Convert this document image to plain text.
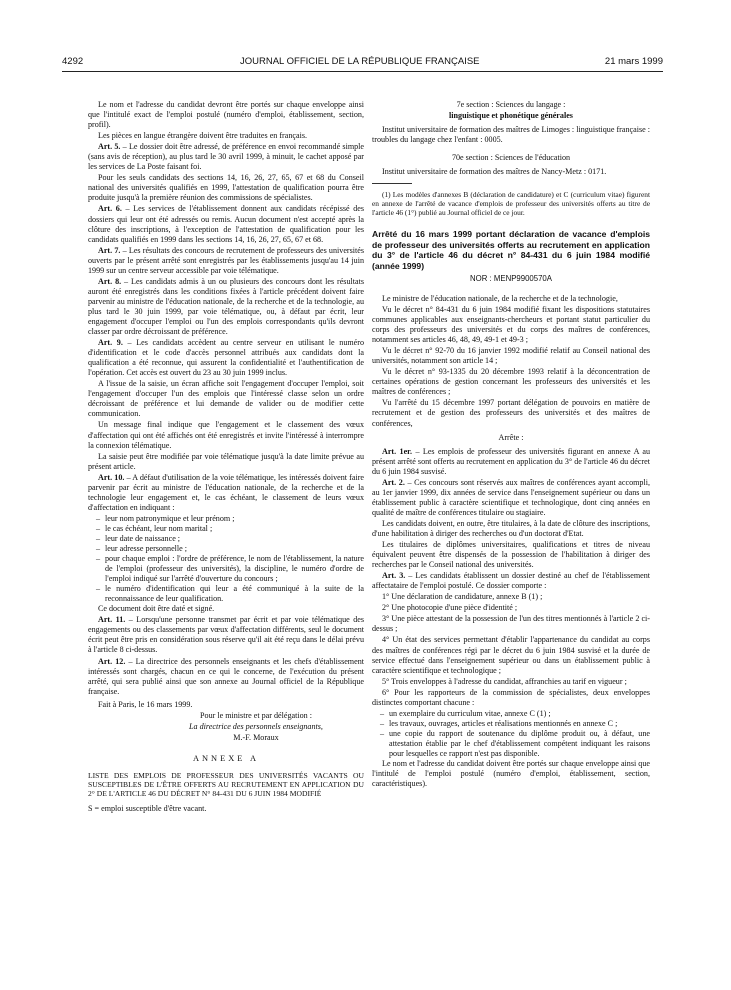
4292	JOURNAL OFFICIEL DE LA RÉPUBLIQUE FRANÇAISE	21 mars 1999

Le nom et l'adresse du candidat devront être portés sur chaque enveloppe ainsi que l'intitulé exact de l'emploi postulé (numéro d'emploi, établissement, section, profil).

Les pièces en langue étrangère doivent être traduites en français.

Art. 5. – Le dossier doit être adressé, de préférence en envoi recommandé simple (sans avis de réception), au plus tard le 30 avril 1999, à minuit, le cachet apposé par les services de La Poste faisant foi.

Pour les seuls candidats des sections 14, 16, 26, 27, 65, 67 et 68 du Conseil national des universités qualifiés en 1999, l'attestation de qualification pourra être produite jusqu'à la première réunion des commissions de spécialistes.

Art. 6. – Les services de l'établissement donnent aux candidats récépissé des dossiers qui leur ont été adressés ou remis. Aucun document n'est accepté après la clôture des inscriptions, à l'exception de l'attestation de qualification pour les candidats qualifiés en 1999 dans les sections 14, 16, 26, 27, 65, 67 et 68.

Art. 7. – Les résultats des concours de recrutement de professeurs des universités ouverts par le présent arrêté sont enregistrés par les établissements jusqu'au 14 juin 1999 sur un centre serveur accessible par voie télématique.

Art. 8. – Les candidats admis à un ou plusieurs des concours dont les résultats auront été enregistrés dans les conditions fixées à l'article précédent doivent faire parvenir au ministre de l'éducation nationale, de la recherche et de la technologie, au plus tard le 30 juin 1999, par voie télématique, ou, à défaut par écrit, leur engagement d'occuper l'emploi ou l'un des emplois correspondants qu'ils devront classer par ordre décroissant de préférence.

Art. 9. – Les candidats accèdent au centre serveur en utilisant le numéro d'identification et le code d'accès personnel attribués aux candidats dont la qualification a été reconnue, qui assurent la confidentialité et l'authentification de l'opération. Cet accès est ouvert du 23 au 30 juin 1999 inclus.

A l'issue de la saisie, un écran affiche soit l'engagement d'occuper l'emploi, soit l'engagement d'occuper l'un des emplois que l'intéressé classe selon un ordre décroissant de préférence et lui demande de valider ou de modifier cette communication.

Un message final indique que l'engagement et le classement des vœux d'affectation qui ont été affichés ont été enregistrés et invite l'intéressé à interrompre la connexion télématique.

La saisie peut être modifiée par voie télématique jusqu'à la date limite prévue au présent article.

Art. 10. – A défaut d'utilisation de la voie télématique, les intéressés doivent faire parvenir par écrit au ministre de l'éducation nationale, de la recherche et de la technologie leur engagement et, le cas échéant, le classement de leurs vœux d'affectation en indiquant :

– leur nom patronymique et leur prénom ;
– le cas échéant, leur nom marital ;
– leur date de naissance ;
– leur adresse personnelle ;
– pour chaque emploi : l'ordre de préférence, le nom de l'établissement, la nature de l'emploi (professeur des universités), la discipline, le numéro d'ordre de l'emploi indiqué sur l'arrêté d'ouverture du concours ;
– le numéro d'identification qui leur a été communiqué à la suite de la reconnaissance de leur qualification.

Ce document doit être daté et signé.

Art. 11. – Lorsqu'une personne transmet par écrit et par voie télématique des engagements ou des classements par vœux d'affectation différents, seul le document écrit peut être pris en considération sous réserve qu'il ait été reçu dans le délai prévu à l'article 8 ci-dessus.

Art. 12. – La directrice des personnels enseignants et les chefs d'établissement intéressés sont chargés, chacun en ce qui le concerne, de l'exécution du présent arrêté, qui sera publié ainsi que son annexe au Journal officiel de la République française.

Fait à Paris, le 16 mars 1999.

Pour le ministre et par délégation :

La directrice des personnels enseignants,

M.-F. Moraux

ANNEXE A

LISTE DES EMPLOIS DE PROFESSEUR DES UNIVERSITÉS VACANTS OU SUSCEPTIBLES DE L'ÊTRE OFFERTS AU RECRUTEMENT EN APPLICATION DU 2° DE L'ARTICLE 46 DU DÉCRET N° 84-431 DU 6 JUIN 1984 MODIFIÉ

S = emploi susceptible d'être vacant.

7e section : Sciences du langage :

linguistique et phonétique générales

Institut universitaire de formation des maîtres de Limoges : linguistique française : troubles du langage chez l'enfant : 0005.

70e section : Sciences de l'éducation

Institut universitaire de formation des maîtres de Nancy-Metz : 0171.

(1) Les modèles d'annexes B (déclaration de candidature) et C (curriculum vitae) figurent en annexe de l'arrêté de vacance d'emplois de professeur des universités offerts au titre de l'article 46 (1°) publié au Journal officiel de ce jour.

Arrêté du 16 mars 1999 portant déclaration de vacance d'emplois de professeur des universités offerts au recrutement en application du 3° de l'article 46 du décret n° 84-431 du 6 juin 1984 modifié (année 1999)

NOR : MENP9900570A

Le ministre de l'éducation nationale, de la recherche et de la technologie,

Vu le décret n° 84-431 du 6 juin 1984 modifié fixant les dispositions statutaires communes applicables aux enseignants-chercheurs et portant statut particulier du corps des professeurs des universités et du corps des maîtres de conférences, notamment ses articles 46, 48, 49, 49-1 et 49-3 ;

Vu le décret n° 92-70 du 16 janvier 1992 modifié relatif au Conseil national des universités, notamment son article 14 ;

Vu le décret n° 93-1335 du 20 décembre 1993 relatif à la déconcentration de certaines opérations de gestion concernant les professeurs des universités et les maîtres de conférences ;

Vu l'arrêté du 15 décembre 1997 portant délégation de pouvoirs en matière de recrutement et de gestion des professeurs des universités et des maîtres de conférences,

Arrête :

Art. 1er. – Les emplois de professeur des universités figurant en annexe A au présent arrêté sont offerts au recrutement en application du 3° de l'article 46 du décret du 6 juin 1984 susvisé.

Art. 2. – Ces concours sont réservés aux maîtres de conférences ayant accompli, au 1er janvier 1999, dix années de service dans l'enseignement supérieur ou dans un établissement public à caractère scientifique et technologique, dont cinq années en qualité de maître de conférences titulaire ou stagiaire.

Les candidats doivent, en outre, être titulaires, à la date de clôture des inscriptions, d'une habilitation à diriger des recherches ou d'un doctorat d'Etat.

Les titulaires de diplômes universitaires, qualifications et titres de niveau équivalent peuvent être dispensés de la possession de l'habilitation à diriger des recherches par le Conseil national des universités.

Art. 3. – Les candidats établissent un dossier destiné au chef de l'établissement affectataire de l'emploi postulé. Ce dossier comporte :

1° Une déclaration de candidature, annexe B (1) ;

2° Une photocopie d'une pièce d'identité ;

3° Une pièce attestant de la possession de l'un des titres mentionnés à l'article 2 ci-dessus ;

4° Un état des services permettant d'établir l'appartenance du candidat au corps des maîtres de conférences régi par le décret du 6 juin 1984 susvisé et la durée de service effectué dans l'enseignement supérieur ou dans un établissement public à caractère scientifique et technologique ;

5° Trois enveloppes à l'adresse du candidat, affranchies au tarif en vigueur ;

6° Pour les rapporteurs de la commission de spécialistes, deux enveloppes distinctes comportant chacune :

– un exemplaire du curriculum vitae, annexe C (1) ;
– les travaux, ouvrages, articles et réalisations mentionnés en annexe C ;
– une copie du rapport de soutenance du diplôme produit ou, à défaut, une attestation établie par le chef d'établissement compétent indiquant les raisons pour lesquelles ce rapport n'est pas disponible.

Le nom et l'adresse du candidat doivent être portés sur chaque enveloppe ainsi que l'intitulé de l'emploi postulé (numéro d'emploi, établissement, section, caractéristiques).
